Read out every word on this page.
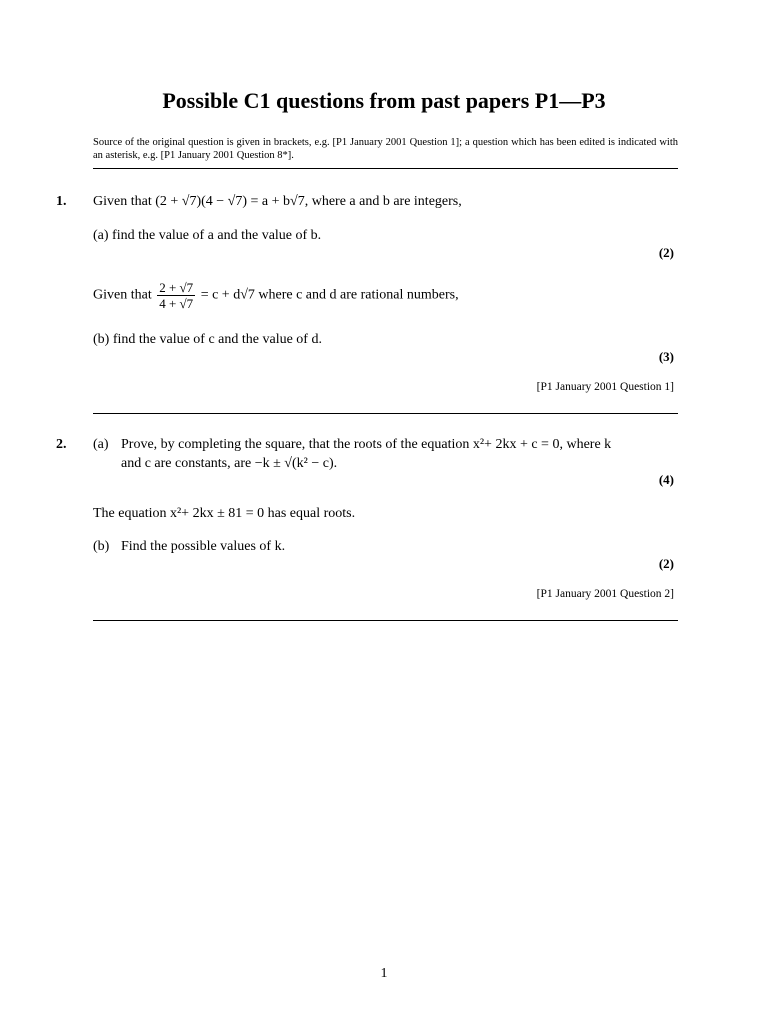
Possible C1 questions from past papers P1—P3
Source of the original question is given in brackets, e.g. [P1 January 2001 Question 1]; a question which has been edited is indicated with an asterisk, e.g. [P1 January 2001 Question 8*].
1. Given that (2 + √7)(4 − √7) = a + b√7, where a and b are integers,
(a) find the value of a and the value of b.
(2)
Given that $\frac{2 + √7}{4 + √7} = c + d√7$ where c and d are rational numbers,
(b) find the value of c and the value of d.
(3)
[P1 January 2001 Question 1]
2. (a) Prove, by completing the square, that the roots of the equation x²+ 2kx + c = 0, where k
and c are constants, are −k ± √(k² − c).
(4)
The equation x²+ 2kx ± 81 = 0 has equal roots.
(b) Find the possible values of k.
(2)
[P1 January 2001 Question 2]
1
